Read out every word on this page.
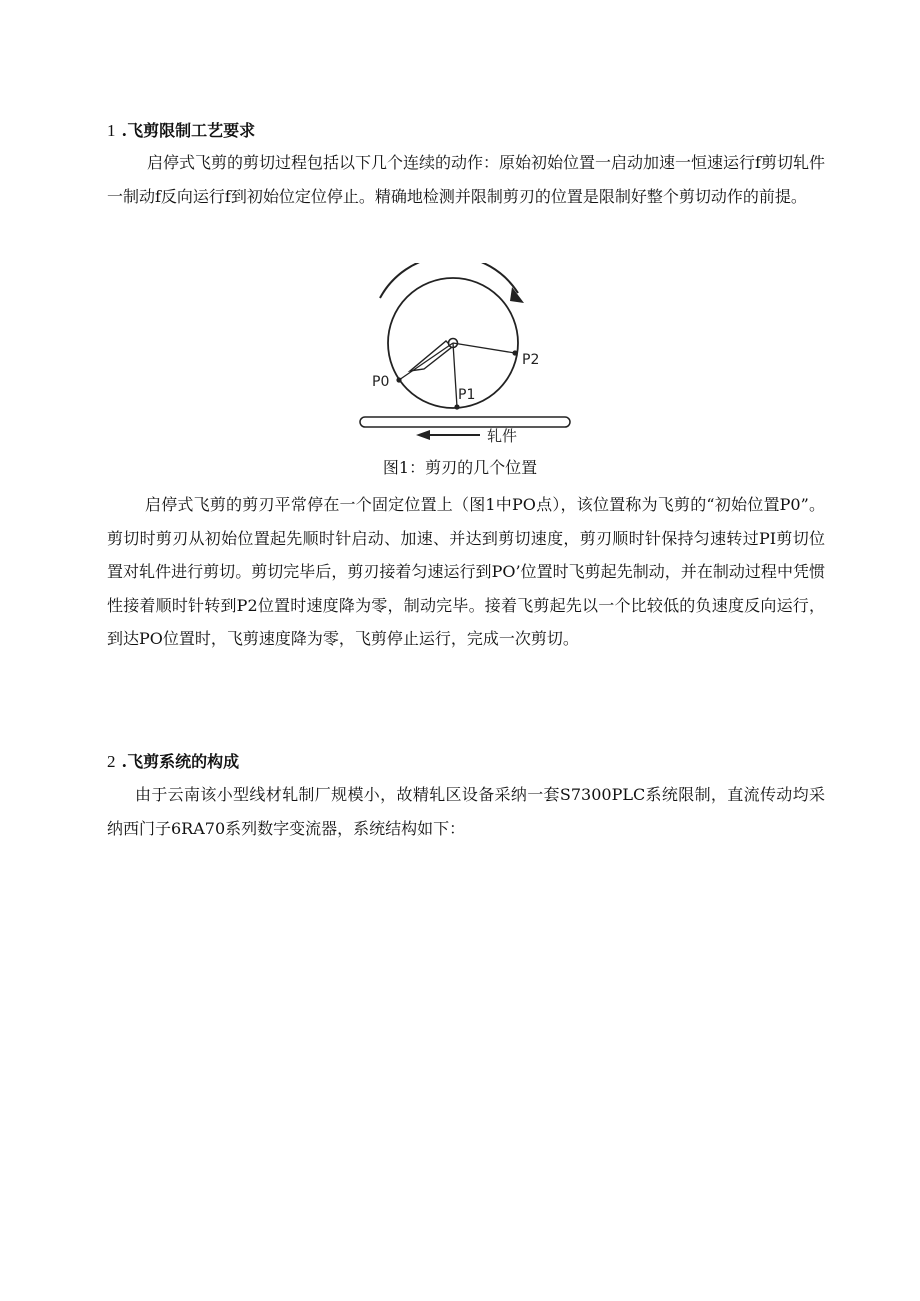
1.飞剪限制工艺要求
启停式飞剪的剪切过程包括以下几个连续的动作：原始初始位置一启动加速一恒速运行f剪切轧件一制动f反向运行f到初始位定位停止。精确地检测并限制剪刃的位置是限制好整个剪切动作的前提。
P0
P1
P2
轧件
图1：剪刃的几个位置
启停式飞剪的剪刃平常停在一个固定位置上（图1中PO点），该位置称为飞剪的“初始位置P0”。剪切时剪刃从初始位置起先顺时针启动、加速、并达到剪切速度，剪刃顺时针保持匀速转过PI剪切位置对轧件进行剪切。剪切完毕后，剪刃接着匀速运行到PO’位置时飞剪起先制动，并在制动过程中凭惯性接着顺时针转到P2位置时速度降为零，制动完毕。接着飞剪起先以一个比较低的负速度反向运行，到达PO位置时，飞剪速度降为零，飞剪停止运行，完成一次剪切。
2.飞剪系统的构成
由于云南该小型线材轧制厂规模小，故精轧区设备采纳一套S7300PLC系统限制，直流传动均采纳西门子6RA70系列数字变流器，系统结构如下：
